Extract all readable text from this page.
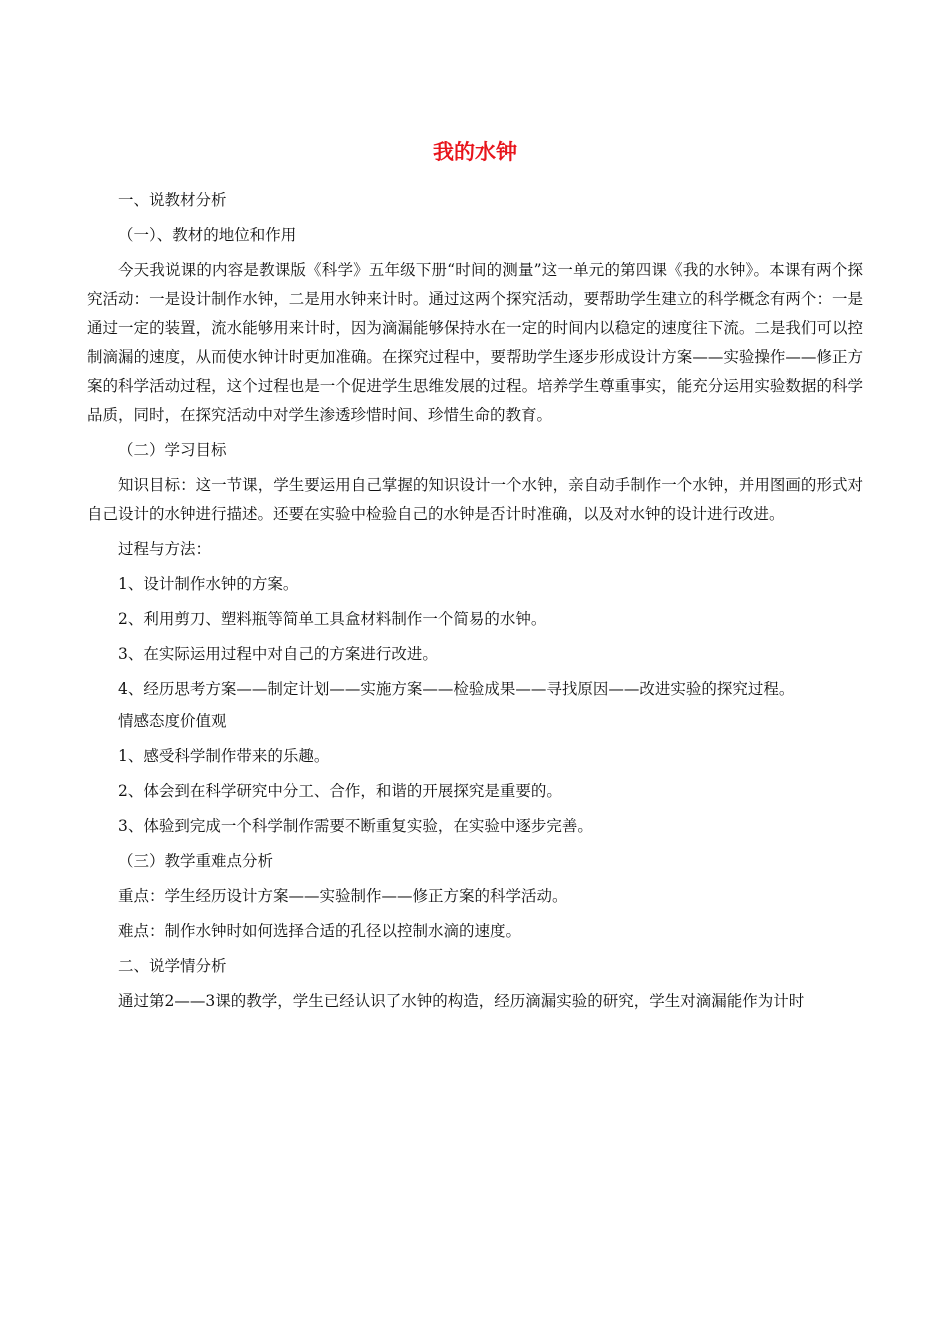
我的水钟

一、说教材分析

（一）、教材的地位和作用

今天我说课的内容是教课版《科学》五年级下册“时间的测量”这一单元的第四课《我的水钟》。本课有两个探究活动：一是设计制作水钟，二是用水钟来计时。通过这两个探究活动，要帮助学生建立的科学概念有两个：一是通过一定的装置，流水能够用来计时，因为滴漏能够保持水在一定的时间内以稳定的速度往下流。二是我们可以控制滴漏的速度，从而使水钟计时更加准确。在探究过程中，要帮助学生逐步形成设计方案——实验操作——修正方案的科学活动过程，这个过程也是一个促进学生思维发展的过程。培养学生尊重事实，能充分运用实验数据的科学品质，同时，在探究活动中对学生渗透珍惜时间、珍惜生命的教育。

（二）学习目标

知识目标：这一节课，学生要运用自己掌握的知识设计一个水钟，亲自动手制作一个水钟，并用图画的形式对自己设计的水钟进行描述。还要在实验中检验自己的水钟是否计时准确，以及对水钟的设计进行改进。

过程与方法：

1、设计制作水钟的方案。

2、利用剪刀、塑料瓶等简单工具盒材料制作一个简易的水钟。

3、在实际运用过程中对自己的方案进行改进。

4、经历思考方案——制定计划——实施方案——检验成果——寻找原因——改进实验的探究过程。

情感态度价值观

1、感受科学制作带来的乐趣。

2、体会到在科学研究中分工、合作，和谐的开展探究是重要的。

3、体验到完成一个科学制作需要不断重复实验，在实验中逐步完善。

（三）教学重难点分析

重点：学生经历设计方案——实验制作——修正方案的科学活动。

难点：制作水钟时如何选择合适的孔径以控制水滴的速度。

二、说学情分析

通过第2——3课的教学，学生已经认识了水钟的构造，经历滴漏实验的研究，学生对滴漏能作为计时
